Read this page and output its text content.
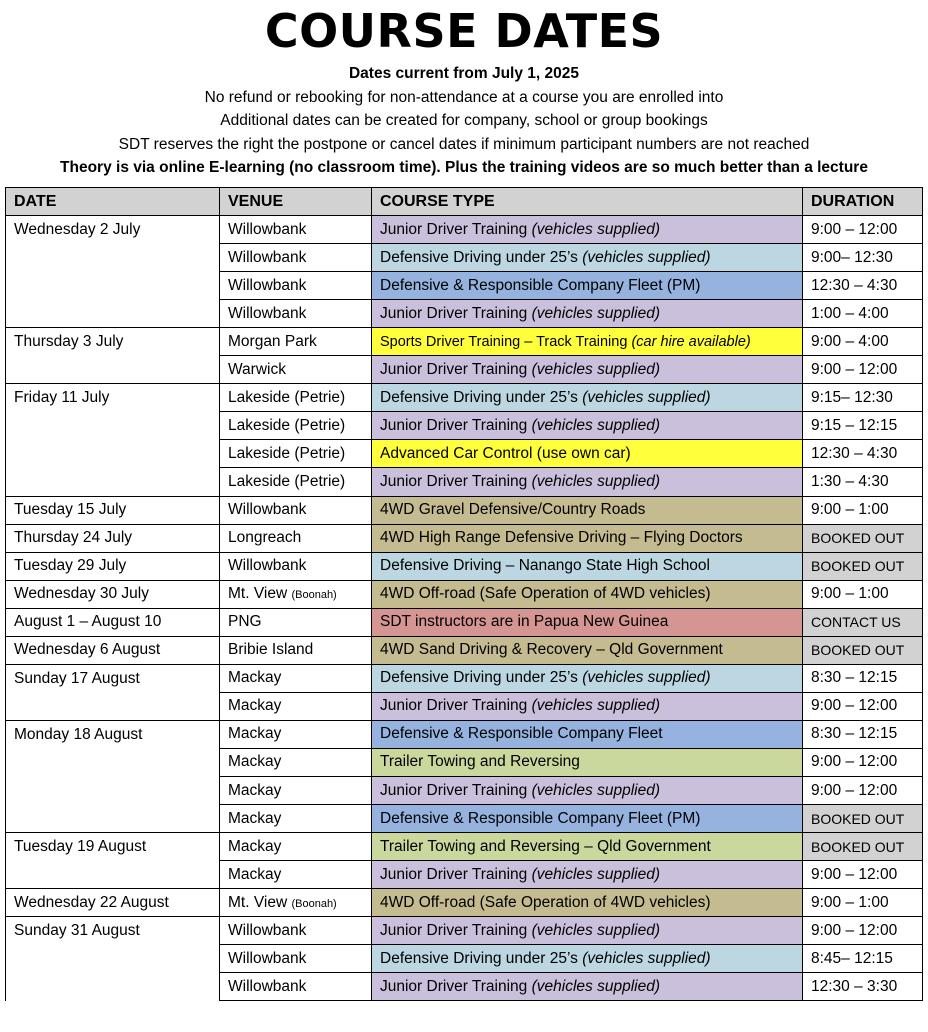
COURSE DATES
Dates current from July 1, 2025
No refund or rebooking for non-attendance at a course you are enrolled into
Additional dates can be created for company, school or group bookings
SDT reserves the right the postpone or cancel dates if minimum participant numbers are not reached
Theory is via online E-learning (no classroom time). Plus the training videos are so much better than a lecture
DATE	VENUE	COURSE TYPE	DURATION
Wednesday 2 July	Willowbank	Junior Driver Training (vehicles supplied)	9:00 – 12:00
	Willowbank	Defensive Driving under 25’s (vehicles supplied)	9:00– 12:30
	Willowbank	Defensive & Responsible Company Fleet (PM)	12:30 – 4:30
	Willowbank	Junior Driver Training (vehicles supplied)	1:00 – 4:00
Thursday 3 July	Morgan Park	Sports Driver Training – Track Training (car hire available)	9:00 – 4:00
	Warwick	Junior Driver Training (vehicles supplied)	9:00 – 12:00
Friday 11 July	Lakeside (Petrie)	Defensive Driving under 25’s (vehicles supplied)	9:15– 12:30
	Lakeside (Petrie)	Junior Driver Training (vehicles supplied)	9:15 – 12:15
	Lakeside (Petrie)	Advanced Car Control (use own car)	12:30 – 4:30
	Lakeside (Petrie)	Junior Driver Training (vehicles supplied)	1:30 – 4:30
Tuesday 15 July	Willowbank	4WD Gravel Defensive/Country Roads	9:00 – 1:00
Thursday 24 July	Longreach	4WD High Range Defensive Driving – Flying Doctors	BOOKED OUT
Tuesday 29 July	Willowbank	Defensive Driving – Nanango State High School	BOOKED OUT
Wednesday 30 July	Mt. View (Boonah)	4WD Off-road (Safe Operation of 4WD vehicles)	9:00 – 1:00
August 1 – August 10	PNG	SDT instructors are in Papua New Guinea	CONTACT US
Wednesday 6 August	Bribie Island	4WD Sand Driving & Recovery – Qld Government	BOOKED OUT
Sunday 17 August	Mackay	Defensive Driving under 25’s (vehicles supplied)	8:30 – 12:15
	Mackay	Junior Driver Training (vehicles supplied)	9:00 – 12:00
Monday 18 August	Mackay	Defensive & Responsible Company Fleet	8:30 – 12:15
	Mackay	Trailer Towing and Reversing	9:00 – 12:00
	Mackay	Junior Driver Training (vehicles supplied)	9:00 – 12:00
	Mackay	Defensive & Responsible Company Fleet (PM)	BOOKED OUT
Tuesday 19 August	Mackay	Trailer Towing and Reversing – Qld Government	BOOKED OUT
	Mackay	Junior Driver Training (vehicles supplied)	9:00 – 12:00
Wednesday 22 August	Mt. View (Boonah)	4WD Off-road (Safe Operation of 4WD vehicles)	9:00 – 1:00
Sunday 31 August	Willowbank	Junior Driver Training (vehicles supplied)	9:00 – 12:00
	Willowbank	Defensive Driving under 25’s (vehicles supplied)	8:45– 12:15
	Willowbank	Junior Driver Training (vehicles supplied)	12:30 – 3:30
